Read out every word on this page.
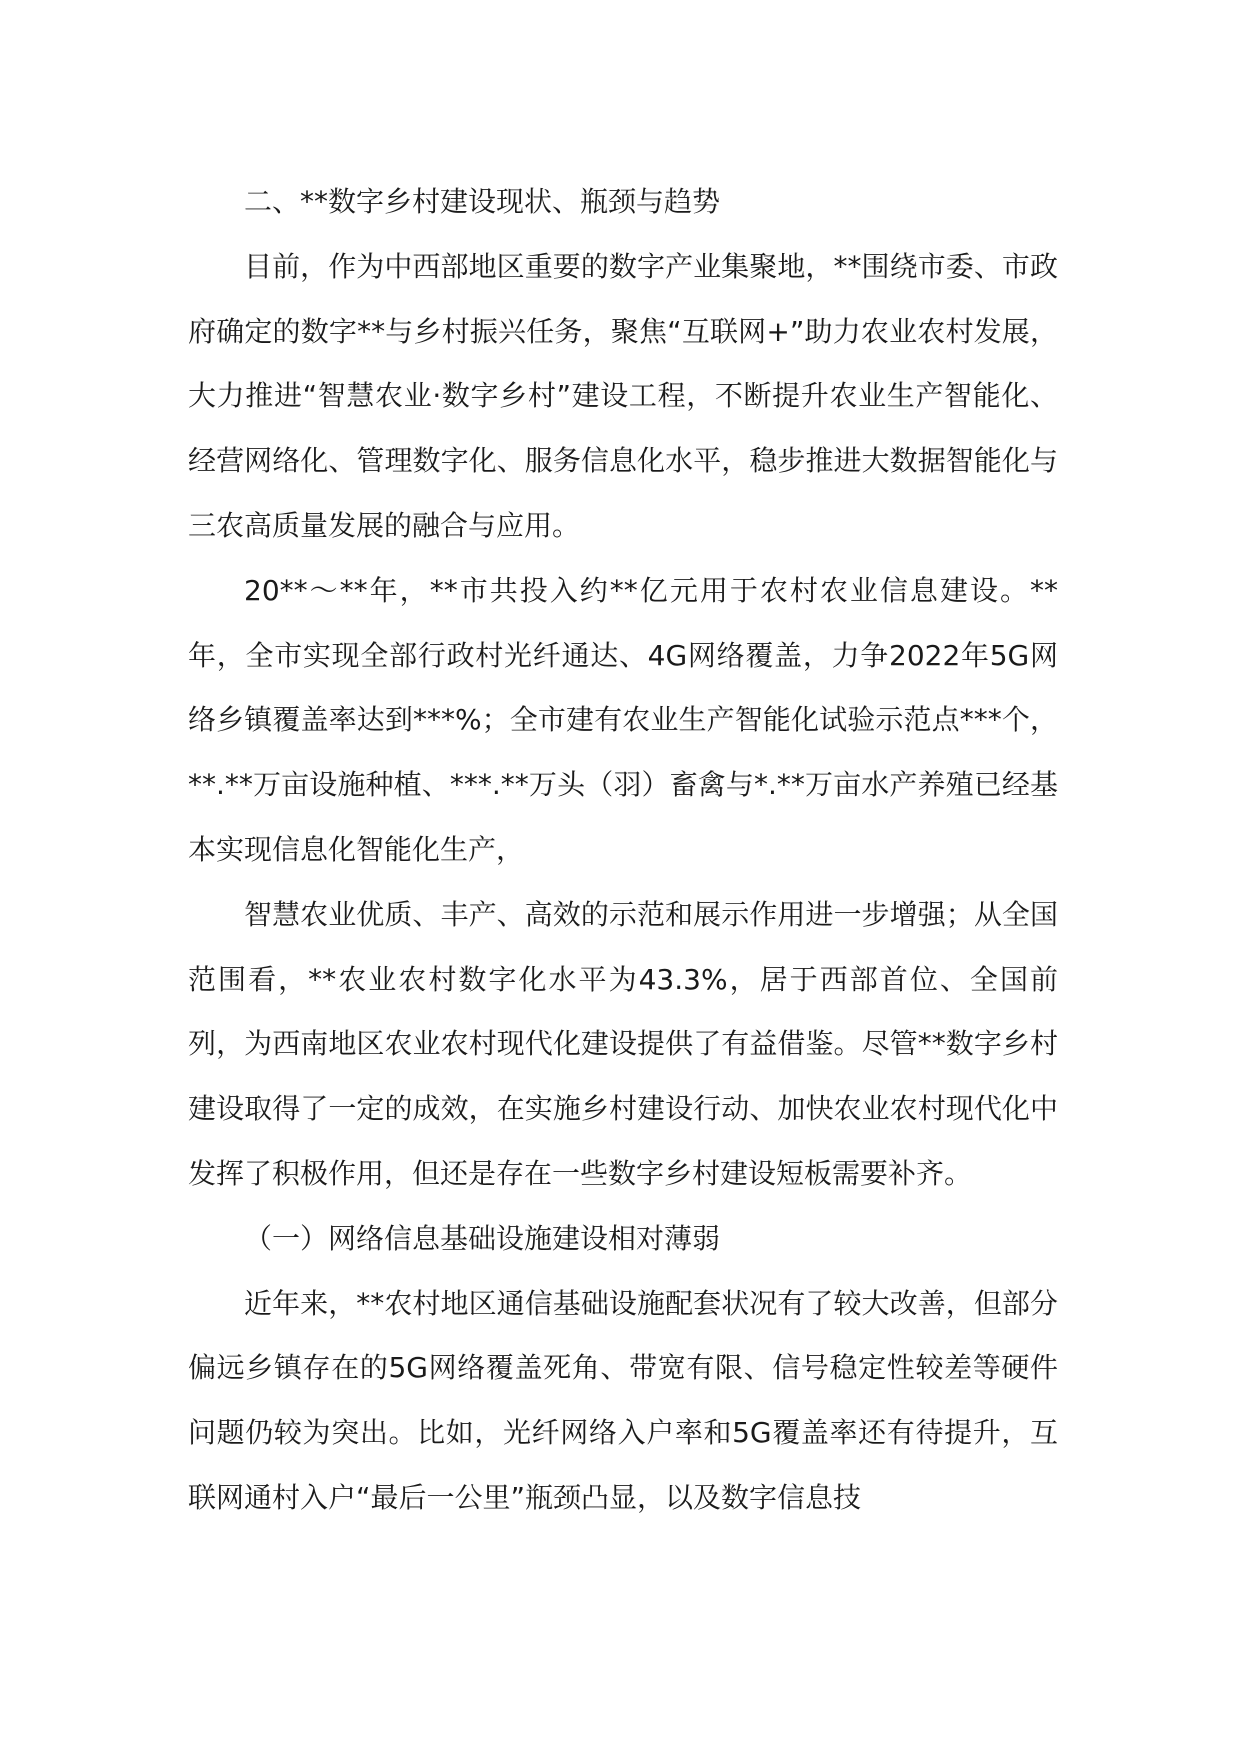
二、**数字乡村建设现状、瓶颈与趋势

目前，作为中西部地区重要的数字产业集聚地，**围绕市委、市政府确定的数字**与乡村振兴任务，聚焦“互联网+”助力农业农村发展，大力推进“智慧农业·数字乡村”建设工程，不断提升农业生产智能化、经营网络化、管理数字化、服务信息化水平，稳步推进大数据智能化与三农高质量发展的融合与应用。

20**～**年，**市共投入约**亿元用于农村农业信息建设。**年，全市实现全部行政村光纤通达、4G网络覆盖，力争2022年5G网络乡镇覆盖率达到***%；全市建有农业生产智能化试验示范点***个，**.**万亩设施种植、***.**万头（羽）畜禽与*.**万亩水产养殖已经基本实现信息化智能化生产，

智慧农业优质、丰产、高效的示范和展示作用进一步增强；从全国范围看，**农业农村数字化水平为43.3%，居于西部首位、全国前列，为西南地区农业农村现代化建设提供了有益借鉴。尽管**数字乡村建设取得了一定的成效，在实施乡村建设行动、加快农业农村现代化中发挥了积极作用，但还是存在一些数字乡村建设短板需要补齐。

（一）网络信息基础设施建设相对薄弱

近年来，**农村地区通信基础设施配套状况有了较大改善，但部分偏远乡镇存在的5G网络覆盖死角、带宽有限、信号稳定性较差等硬件问题仍较为突出。比如，光纤网络入户率和5G覆盖率还有待提升，互联网通村入户“最后一公里”瓶颈凸显，以及数字信息技
